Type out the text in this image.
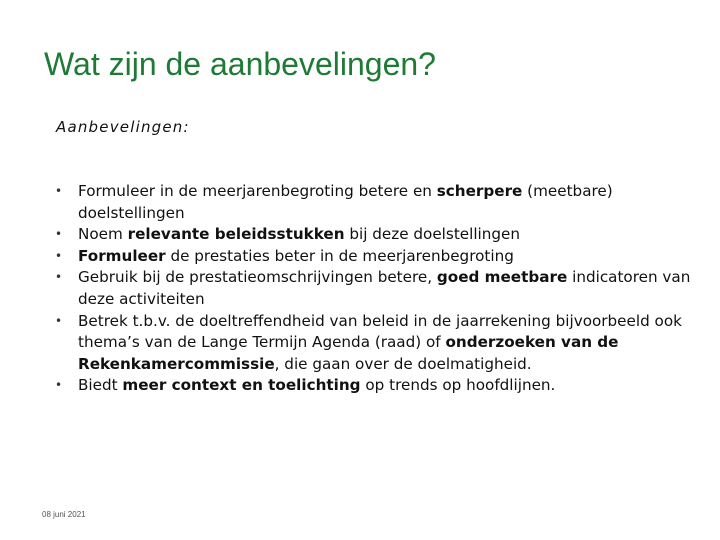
Wat zijn de aanbevelingen?
Aanbevelingen:
• Formuleer in de meerjarenbegroting betere en scherpere (meetbare) doelstellingen
• Noem relevante beleidsstukken bij deze doelstellingen
• Formuleer de prestaties beter in de meerjarenbegroting
• Gebruik bij de prestatieomschrijvingen betere, goed meetbare indicatoren van deze activiteiten
• Betrek t.b.v. de doeltreffendheid van beleid in de jaarrekening bijvoorbeeld ook thema’s van de Lange Termijn Agenda (raad) of onderzoeken van de Rekenkamercommissie, die gaan over de doelmatigheid.
• Biedt meer context en toelichting op trends op hoofdlijnen.
08 juni 2021
